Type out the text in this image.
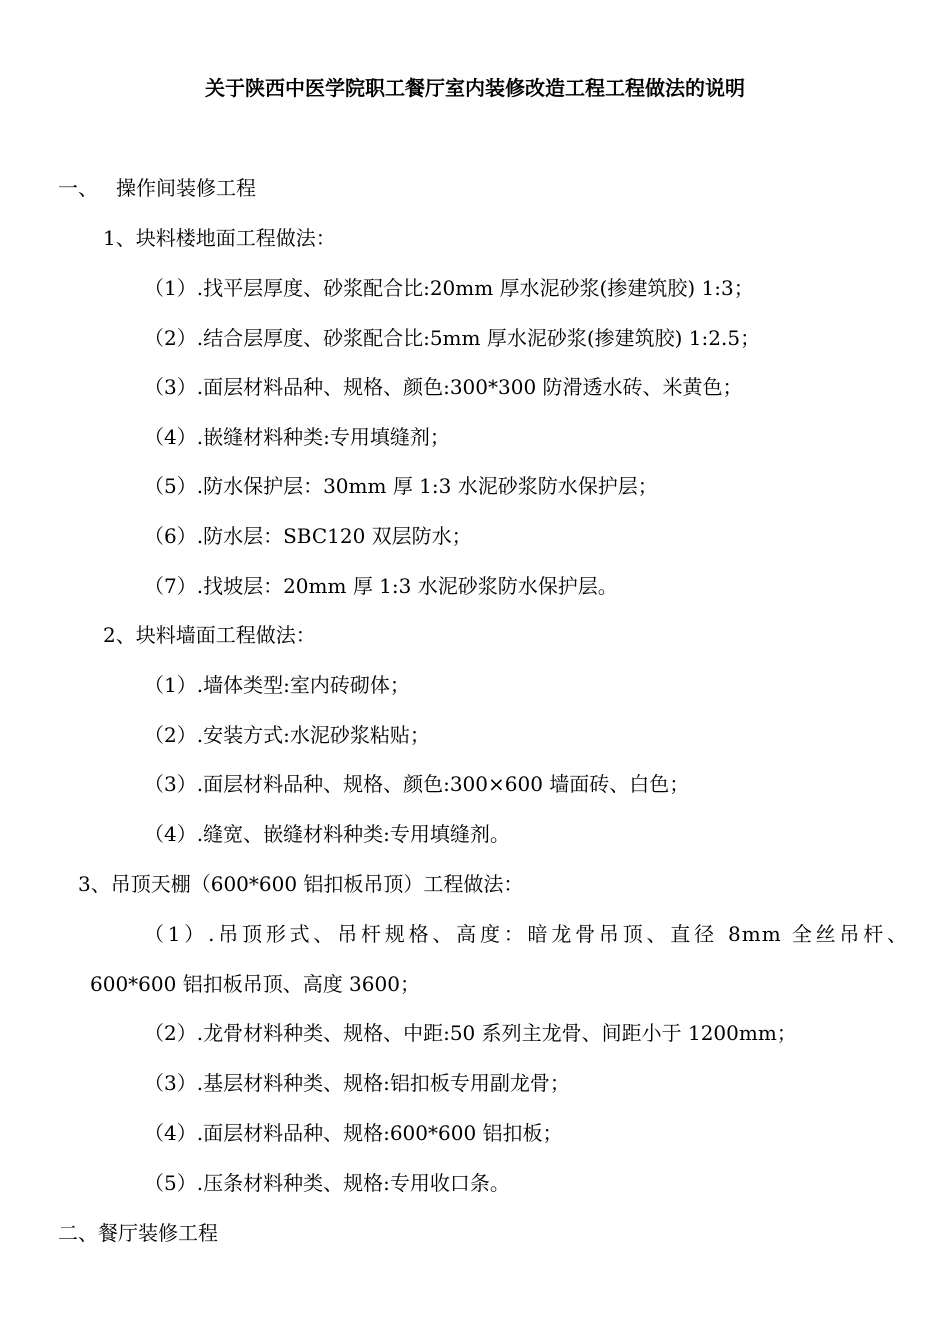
关于陕西中医学院职工餐厅室内装修改造工程工程做法的说明
一、 操作间装修工程
1、块料楼地面工程做法：
（1）.找平层厚度、砂浆配合比:20mm 厚水泥砂浆(掺建筑胶) 1:3；
（2）.结合层厚度、砂浆配合比:5mm 厚水泥砂浆(掺建筑胶) 1:2.5；
（3）.面层材料品种、规格、颜色:300*300 防滑透水砖、米黄色；
（4）.嵌缝材料种类:专用填缝剂；
（5）.防水保护层：30mm 厚 1:3 水泥砂浆防水保护层；
（6）.防水层：SBC120 双层防水；
（7）.找坡层：20mm 厚 1:3 水泥砂浆防水保护层。
2、块料墙面工程做法：
（1）.墙体类型:室内砖砌体；
（2）.安装方式:水泥砂浆粘贴；
（3）.面层材料品种、规格、颜色:300×600 墙面砖、白色；
（4）.缝宽、嵌缝材料种类:专用填缝剂。
3、吊顶天棚（600*600 铝扣板吊顶）工程做法：
（1）.吊顶形式、吊杆规格、高度：暗龙骨吊顶、直径 8mm 全丝吊杆、
600*600 铝扣板吊顶、高度 3600；
（2）.龙骨材料种类、规格、中距:50 系列主龙骨、间距小于 1200mm；
（3）.基层材料种类、规格:铝扣板专用副龙骨；
（4）.面层材料品种、规格:600*600 铝扣板；
（5）.压条材料种类、规格:专用收口条。
二、餐厅装修工程
